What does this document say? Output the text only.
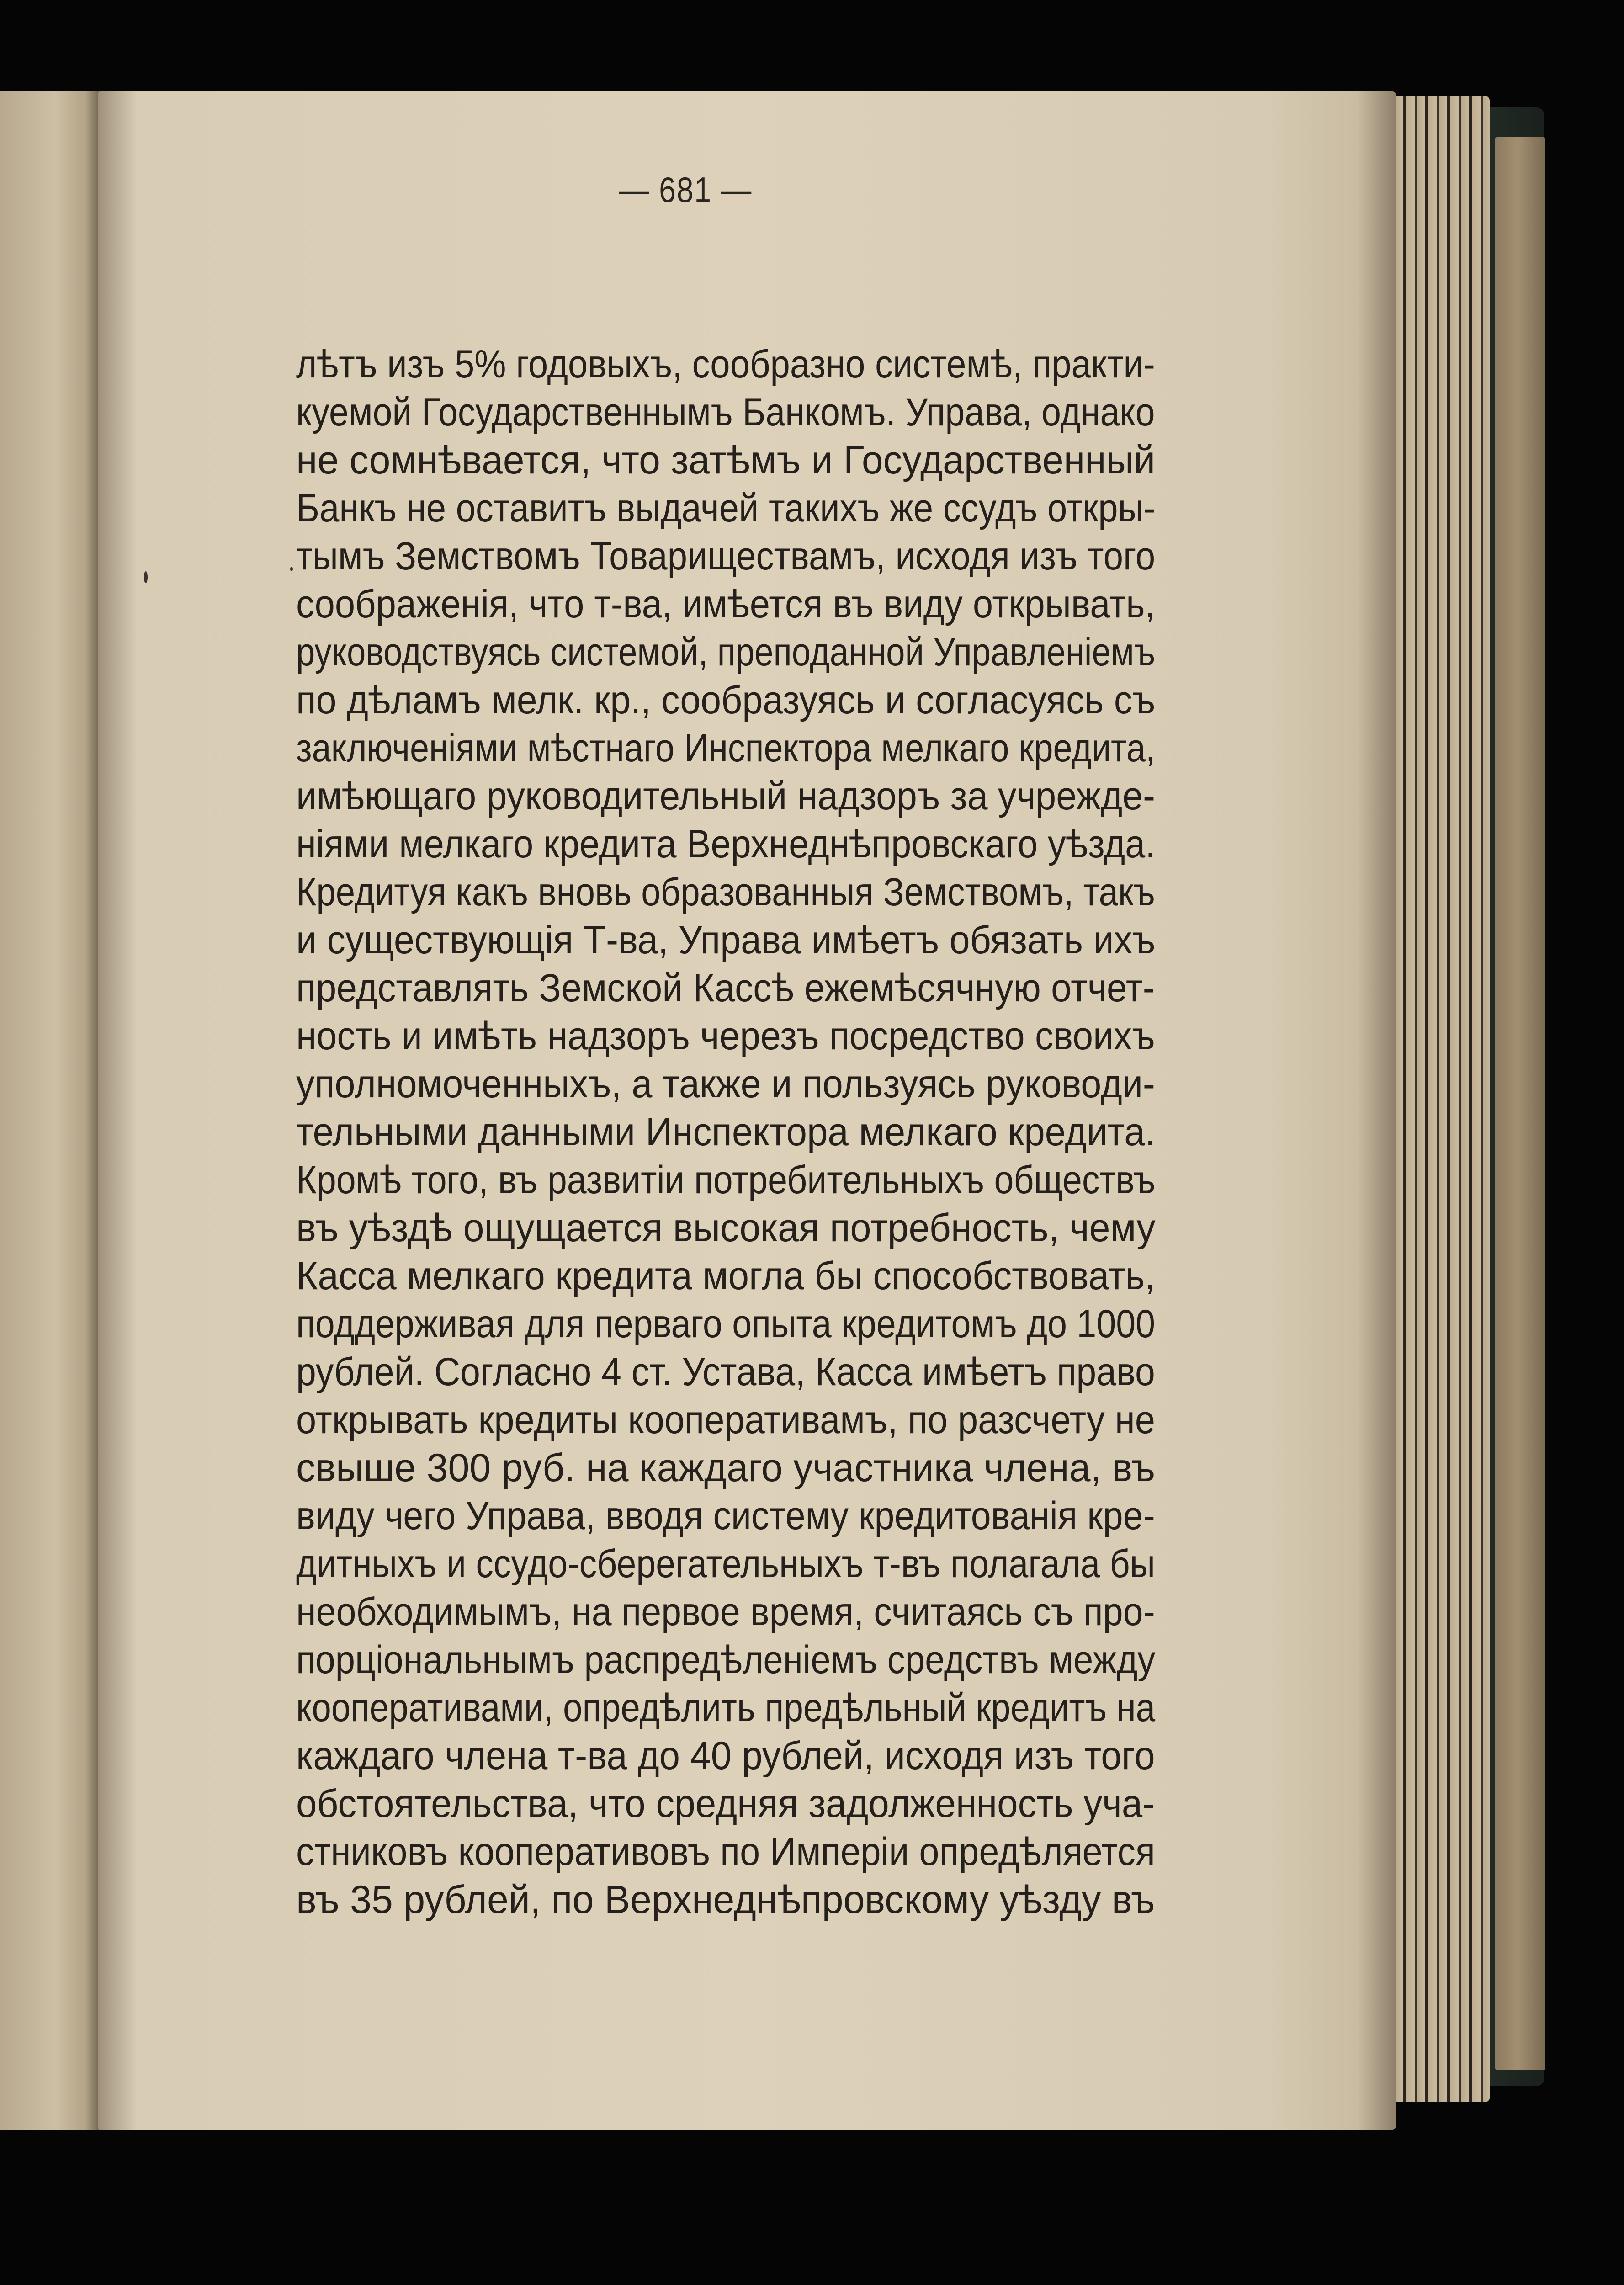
— 681 —
лѣтъ изъ 5% годовыхъ, сообразно системѣ, практи-
куемой Государственнымъ Банкомъ. Управа, однако
не сомнѣвается, что затѣмъ и Государственный
Банкъ не оставитъ выдачей такихъ же ссудъ откры-
тымъ Земствомъ Товариществамъ, исходя изъ того
соображенія, что т-ва, имѣется въ виду открывать,
руководствуясь системой, преподанной Управленіемъ
по дѣламъ мелк. кр., сообразуясь и согласуясь съ
заключеніями мѣстнаго Инспектора мелкаго кредита,
имѣющаго руководительный надзоръ за учрежде-
ніями мелкаго кредита Верхнеднѣпровскаго уѣзда.
Кредитуя какъ вновь образованныя Земствомъ, такъ
и существующія Т-ва, Управа имѣетъ обязать ихъ
представлять Земской Кассѣ ежемѣсячную отчет-
ность и имѣть надзоръ черезъ посредство своихъ
уполномоченныхъ, а также и пользуясь руководи-
тельными данными Инспектора мелкаго кредита.
Кромѣ того, въ развитіи потребительныхъ обществъ
въ уѣздѣ ощущается высокая потребность, чему
Касса мелкаго кредита могла бы способствовать,
поддерживая для перваго опыта кредитомъ до 1000
рублей. Согласно 4 ст. Устава, Касса имѣетъ право
открывать кредиты кооперативамъ, по разсчету не
свыше 300 руб. на каждаго участника члена, въ
виду чего Управа, вводя систему кредитованія кре-
дитныхъ и ссудо-сберегательныхъ т-въ полагала бы
необходимымъ, на первое время, считаясь съ про-
порціональнымъ распредѣленіемъ средствъ между
кооперативами, опредѣлить предѣльный кредитъ на
каждаго члена т-ва до 40 рублей, исходя изъ того
обстоятельства, что средняя задолженность уча-
стниковъ кооперативовъ по Имперіи опредѣляется
въ 35 рублей, по Верхнеднѣпровскому уѣзду въ
